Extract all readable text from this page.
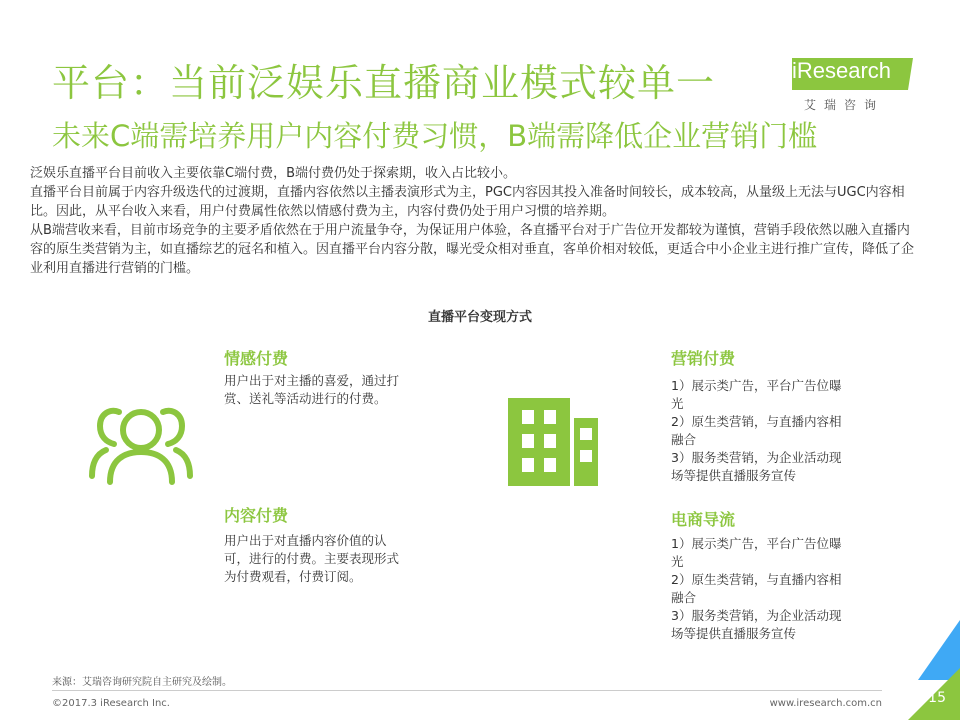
平台：当前泛娱乐直播商业模式较单一
未来C端需培养用户内容付费习惯，B端需降低企业营销门槛
iResearch
艾瑞咨询

泛娱乐直播平台目前收入主要依靠C端付费，B端付费仍处于探索期，收入占比较小。

直播平台目前属于内容升级迭代的过渡期，直播内容依然以主播表演形式为主，PGC内容因其投入准备时间较长，成本较高，从量级上无法与UGC内容相比。因此，从平台收入来看，用户付费属性依然以情感付费为主，内容付费仍处于用户习惯的培养期。

从B端营收来看，目前市场竞争的主要矛盾依然在于用户流量争夺，为保证用户体验，各直播平台对于广告位开发都较为谨慎，营销手段依然以融入直播内容的原生类营销为主，如直播综艺的冠名和植入。因直播平台内容分散，曝光受众相对垂直，客单价相对较低，更适合中小企业主进行推广宣传，降低了企业利用直播进行营销的门槛。

直播平台变现方式
情感付费
用户出于对主播的喜爱，通过打赏、送礼等活动进行的付费。
内容付费
用户出于对直播内容价值的认可，进行的付费。主要表现形式为付费观看，付费订阅。
营销付费
1）展示类广告，平台广告位曝光
2）原生类营销，与直播内容相融合
3）服务类营销，为企业活动现场等提供直播服务宣传
电商导流
1）展示类广告，平台广告位曝光
2）原生类营销，与直播内容相融合
3）服务类营销，为企业活动现场等提供直播服务宣传
来源：艾瑞咨询研究院自主研究及绘制。
©2017.3 iResearch Inc.	www.iresearch.com.cn	15
